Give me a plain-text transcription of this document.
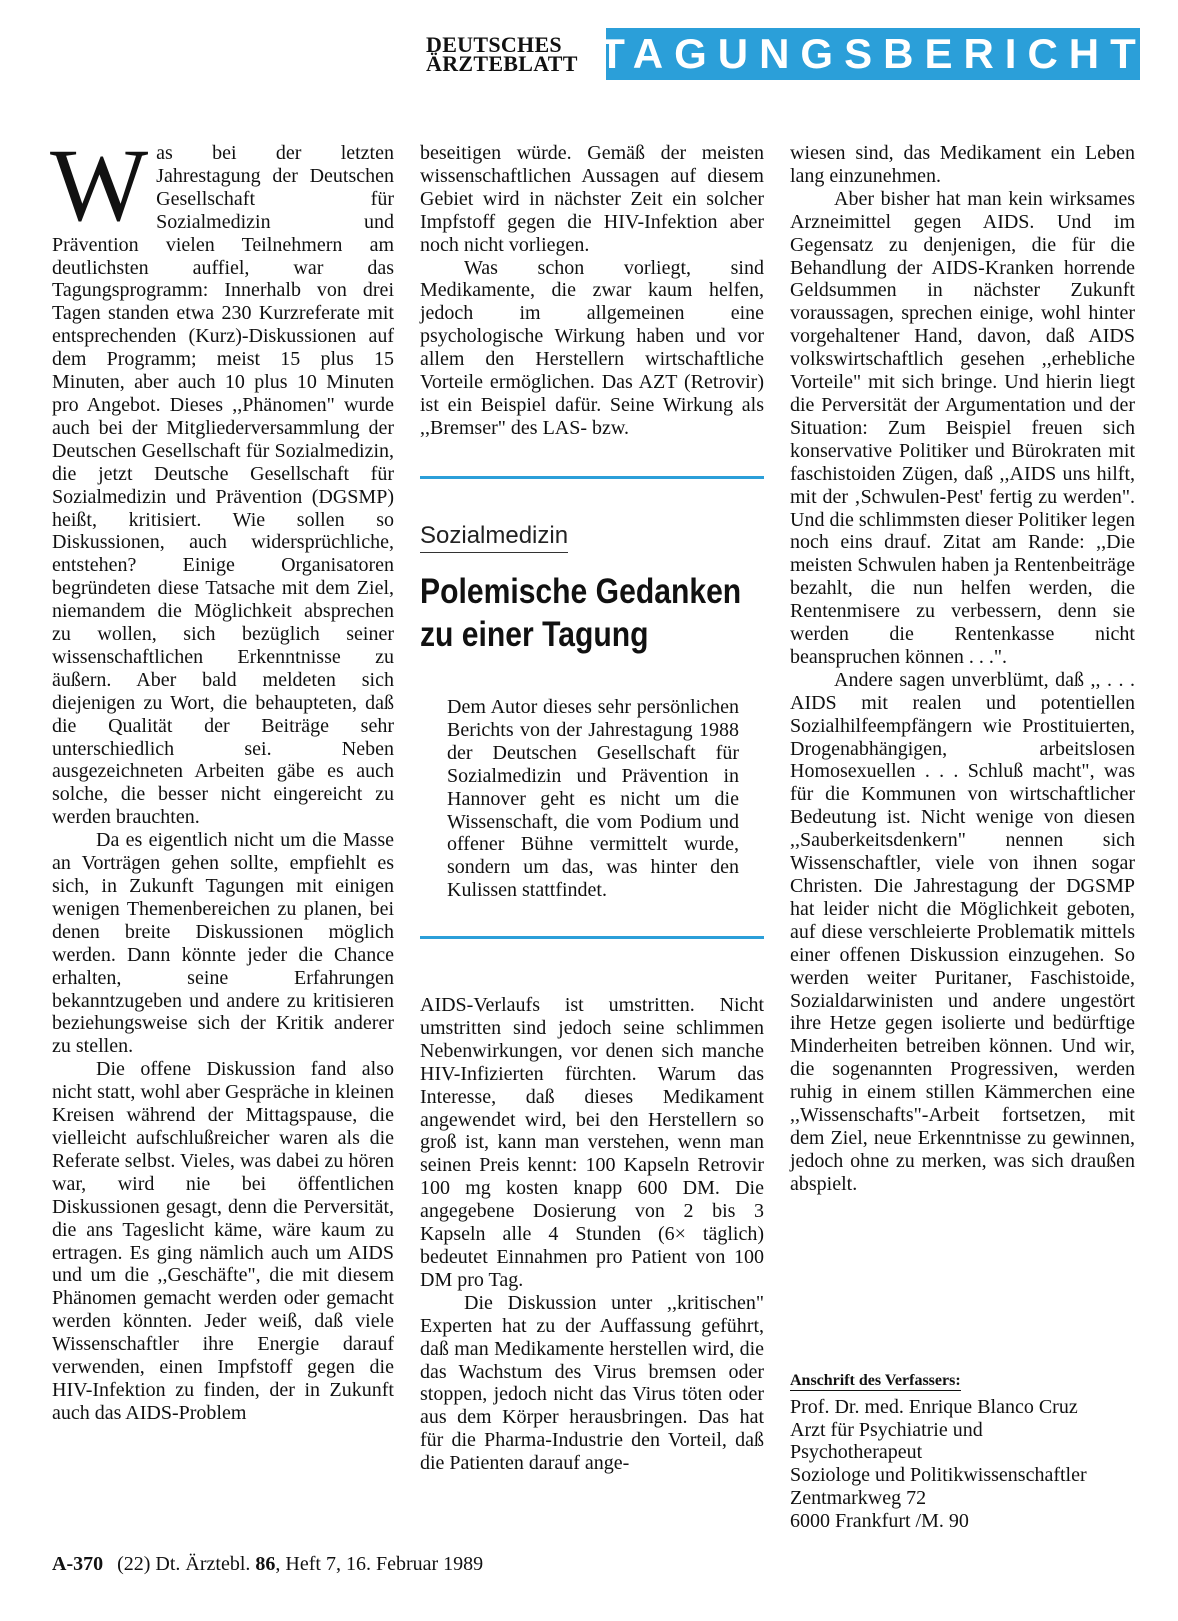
DEUTSCHES
ÄRZTEBLATT TAGUNGSBERICHT

Was bei der letzten Jahrestagung der Deutschen Gesellschaft für Sozialmedizin und Prävention vielen Teilnehmern am deutlichsten auffiel, war das Tagungsprogramm: Innerhalb von drei Tagen standen etwa 230 Kurzreferate mit entsprechenden (Kurz)-Diskussionen auf dem Programm; meist 15 plus 15 Minuten, aber auch 10 plus 10 Minuten pro Angebot. Dieses ,,Phänomen" wurde auch bei der Mitgliederversammlung der Deutschen Gesellschaft für Sozialmedizin, die jetzt Deutsche Gesellschaft für Sozialmedizin und Prävention (DGSMP) heißt, kritisiert. Wie sollen so Diskussionen, auch widersprüchliche, entstehen? Einige Organisatoren begründeten diese Tatsache mit dem Ziel, niemandem die Möglichkeit absprechen zu wollen, sich bezüglich seiner wissenschaftlichen Erkenntnisse zu äußern. Aber bald meldeten sich diejenigen zu Wort, die behaupteten, daß die Qualität der Beiträge sehr unterschiedlich sei. Neben ausgezeichneten Arbeiten gäbe es auch solche, die besser nicht eingereicht zu werden brauchten.

Da es eigentlich nicht um die Masse an Vorträgen gehen sollte, empfiehlt es sich, in Zukunft Tagungen mit einigen wenigen Themenbereichen zu planen, bei denen breite Diskussionen möglich werden. Dann könnte jeder die Chance erhalten, seine Erfahrungen bekanntzugeben und andere zu kritisieren beziehungsweise sich der Kritik anderer zu stellen.

Die offene Diskussion fand also nicht statt, wohl aber Gespräche in kleinen Kreisen während der Mittagspause, die vielleicht aufschlußreicher waren als die Referate selbst. Vieles, was dabei zu hören war, wird nie bei öffentlichen Diskussionen gesagt, denn die Perversität, die ans Tageslicht käme, wäre kaum zu ertragen. Es ging nämlich auch um AIDS und um die ,,Geschäfte", die mit diesem Phänomen gemacht werden oder gemacht werden könnten. Jeder weiß, daß viele Wissenschaftler ihre Energie darauf verwenden, einen Impfstoff gegen die HIV-Infektion zu finden, der in Zukunft auch das AIDS-Problem

beseitigen würde. Gemäß der meisten wissenschaftlichen Aussagen auf diesem Gebiet wird in nächster Zeit ein solcher Impfstoff gegen die HIV-Infektion aber noch nicht vorliegen.

Was schon vorliegt, sind Medikamente, die zwar kaum helfen, jedoch im allgemeinen eine psychologische Wirkung haben und vor allem den Herstellern wirtschaftliche Vorteile ermöglichen. Das AZT (Retrovir) ist ein Beispiel dafür. Seine Wirkung als ,,Bremser" des LAS- bzw.

Sozialmedizin
Polemische Gedanken
zu einer Tagung
Dem Autor dieses sehr persönlichen Berichts von der Jahrestagung 1988 der Deutschen Gesellschaft für Sozialmedizin und Prävention in Hannover geht es nicht um die Wissenschaft, die vom Podium und offener Bühne vermittelt wurde, sondern um das, was hinter den Kulissen stattfindet.

AIDS-Verlaufs ist umstritten. Nicht umstritten sind jedoch seine schlimmen Nebenwirkungen, vor denen sich manche HIV-Infizierten fürchten. Warum das Interesse, daß dieses Medikament angewendet wird, bei den Herstellern so groß ist, kann man verstehen, wenn man seinen Preis kennt: 100 Kapseln Retrovir 100 mg kosten knapp 600 DM. Die angegebene Dosierung von 2 bis 3 Kapseln alle 4 Stunden (6× täglich) bedeutet Einnahmen pro Patient von 100 DM pro Tag.

Die Diskussion unter ,,kritischen" Experten hat zu der Auffassung geführt, daß man Medikamente herstellen wird, die das Wachstum des Virus bremsen oder stoppen, jedoch nicht das Virus töten oder aus dem Körper herausbringen. Das hat für die Pharma-Industrie den Vorteil, daß die Patienten darauf ange-

wiesen sind, das Medikament ein Leben lang einzunehmen.

Aber bisher hat man kein wirksames Arzneimittel gegen AIDS. Und im Gegensatz zu denjenigen, die für die Behandlung der AIDS-Kranken horrende Geldsummen in nächster Zukunft voraussagen, sprechen einige, wohl hinter vorgehaltener Hand, davon, daß AIDS volkswirtschaftlich gesehen ,,erhebliche Vorteile" mit sich bringe. Und hierin liegt die Perversität der Argumentation und der Situation: Zum Beispiel freuen sich konservative Politiker und Bürokraten mit faschistoiden Zügen, daß ,,AIDS uns hilft, mit der ‚Schwulen-Pest' fertig zu werden". Und die schlimmsten dieser Politiker legen noch eins drauf. Zitat am Rande: ,,Die meisten Schwulen haben ja Rentenbeiträge bezahlt, die nun helfen werden, die Rentenmisere zu verbessern, denn sie werden die Rentenkasse nicht beanspruchen können . . .".

Andere sagen unverblümt, daß ,, . . . AIDS mit realen und potentiellen Sozialhilfeempfängern wie Prostituierten, Drogenabhängigen, arbeitslosen Homosexuellen . . . Schluß macht", was für die Kommunen von wirtschaftlicher Bedeutung ist. Nicht wenige von diesen ,,Sauberkeitsdenkern" nennen sich Wissenschaftler, viele von ihnen sogar Christen. Die Jahrestagung der DGSMP hat leider nicht die Möglichkeit geboten, auf diese verschleierte Problematik mittels einer offenen Diskussion einzugehen. So werden weiter Puritaner, Faschistoide, Sozialdarwinisten und andere ungestört ihre Hetze gegen isolierte und bedürftige Minderheiten betreiben können. Und wir, die sogenannten Progressiven, werden ruhig in einem stillen Kämmerchen eine ,,Wissenschafts"-Arbeit fortsetzen, mit dem Ziel, neue Erkenntnisse zu gewinnen, jedoch ohne zu merken, was sich draußen abspielt.

Anschrift des Verfassers:
Prof. Dr. med. Enrique Blanco Cruz
Arzt für Psychiatrie und
Psychotherapeut
Soziologe und Politikwissenschaftler
Zentmarkweg 72
6000 Frankfurt /M. 90
A-370 (22) Dt. Ärztebl. 86, Heft 7, 16. Februar 1989
